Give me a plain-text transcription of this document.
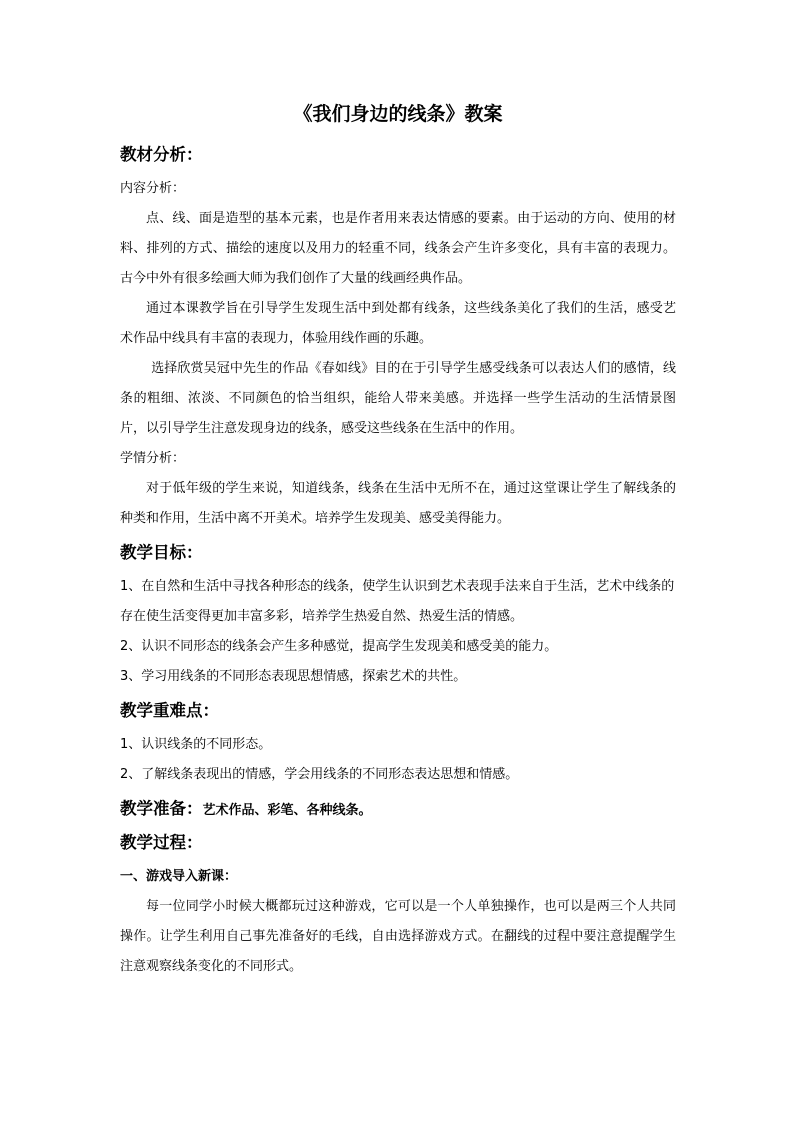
《我们身边的线条》教案
教材分析：

内容分析：

点、线、面是造型的基本元素，也是作者用来表达情感的要素。由于运动的方向、使用的材料、排列的方式、描绘的速度以及用力的轻重不同，线条会产生许多变化，具有丰富的表现力。古今中外有很多绘画大师为我们创作了大量的线画经典作品。

通过本课教学旨在引导学生发现生活中到处都有线条，这些线条美化了我们的生活，感受艺术作品中线具有丰富的表现力，体验用线作画的乐趣。

选择欣赏吴冠中先生的作品《春如线》目的在于引导学生感受线条可以表达人们的感情，线条的粗细、浓淡、不同颜色的恰当组织，能给人带来美感。并选择一些学生活动的生活情景图片，以引导学生注意发现身边的线条，感受这些线条在生活中的作用。

学情分析：

对于低年级的学生来说，知道线条，线条在生活中无所不在，通过这堂课让学生了解线条的种类和作用，生活中离不开美术。培养学生发现美、感受美得能力。

教学目标：

1、在自然和生活中寻找各种形态的线条，使学生认识到艺术表现手法来自于生活，艺术中线条的存在使生活变得更加丰富多彩，培养学生热爱自然、热爱生活的情感。

2、认识不同形态的线条会产生多种感觉，提高学生发现美和感受美的能力。

3、学习用线条的不同形态表现思想情感，探索艺术的共性。

教学重难点：

1、认识线条的不同形态。

2、了解线条表现出的情感，学会用线条的不同形态表达思想和情感。

教学准备：艺术作品、彩笔、各种线条。
教学过程：

一、游戏导入新课：

每一位同学小时候大概都玩过这种游戏，它可以是一个人单独操作，也可以是两三个人共同操作。让学生利用自己事先准备好的毛线，自由选择游戏方式。在翻线的过程中要注意提醒学生注意观察线条变化的不同形式。
